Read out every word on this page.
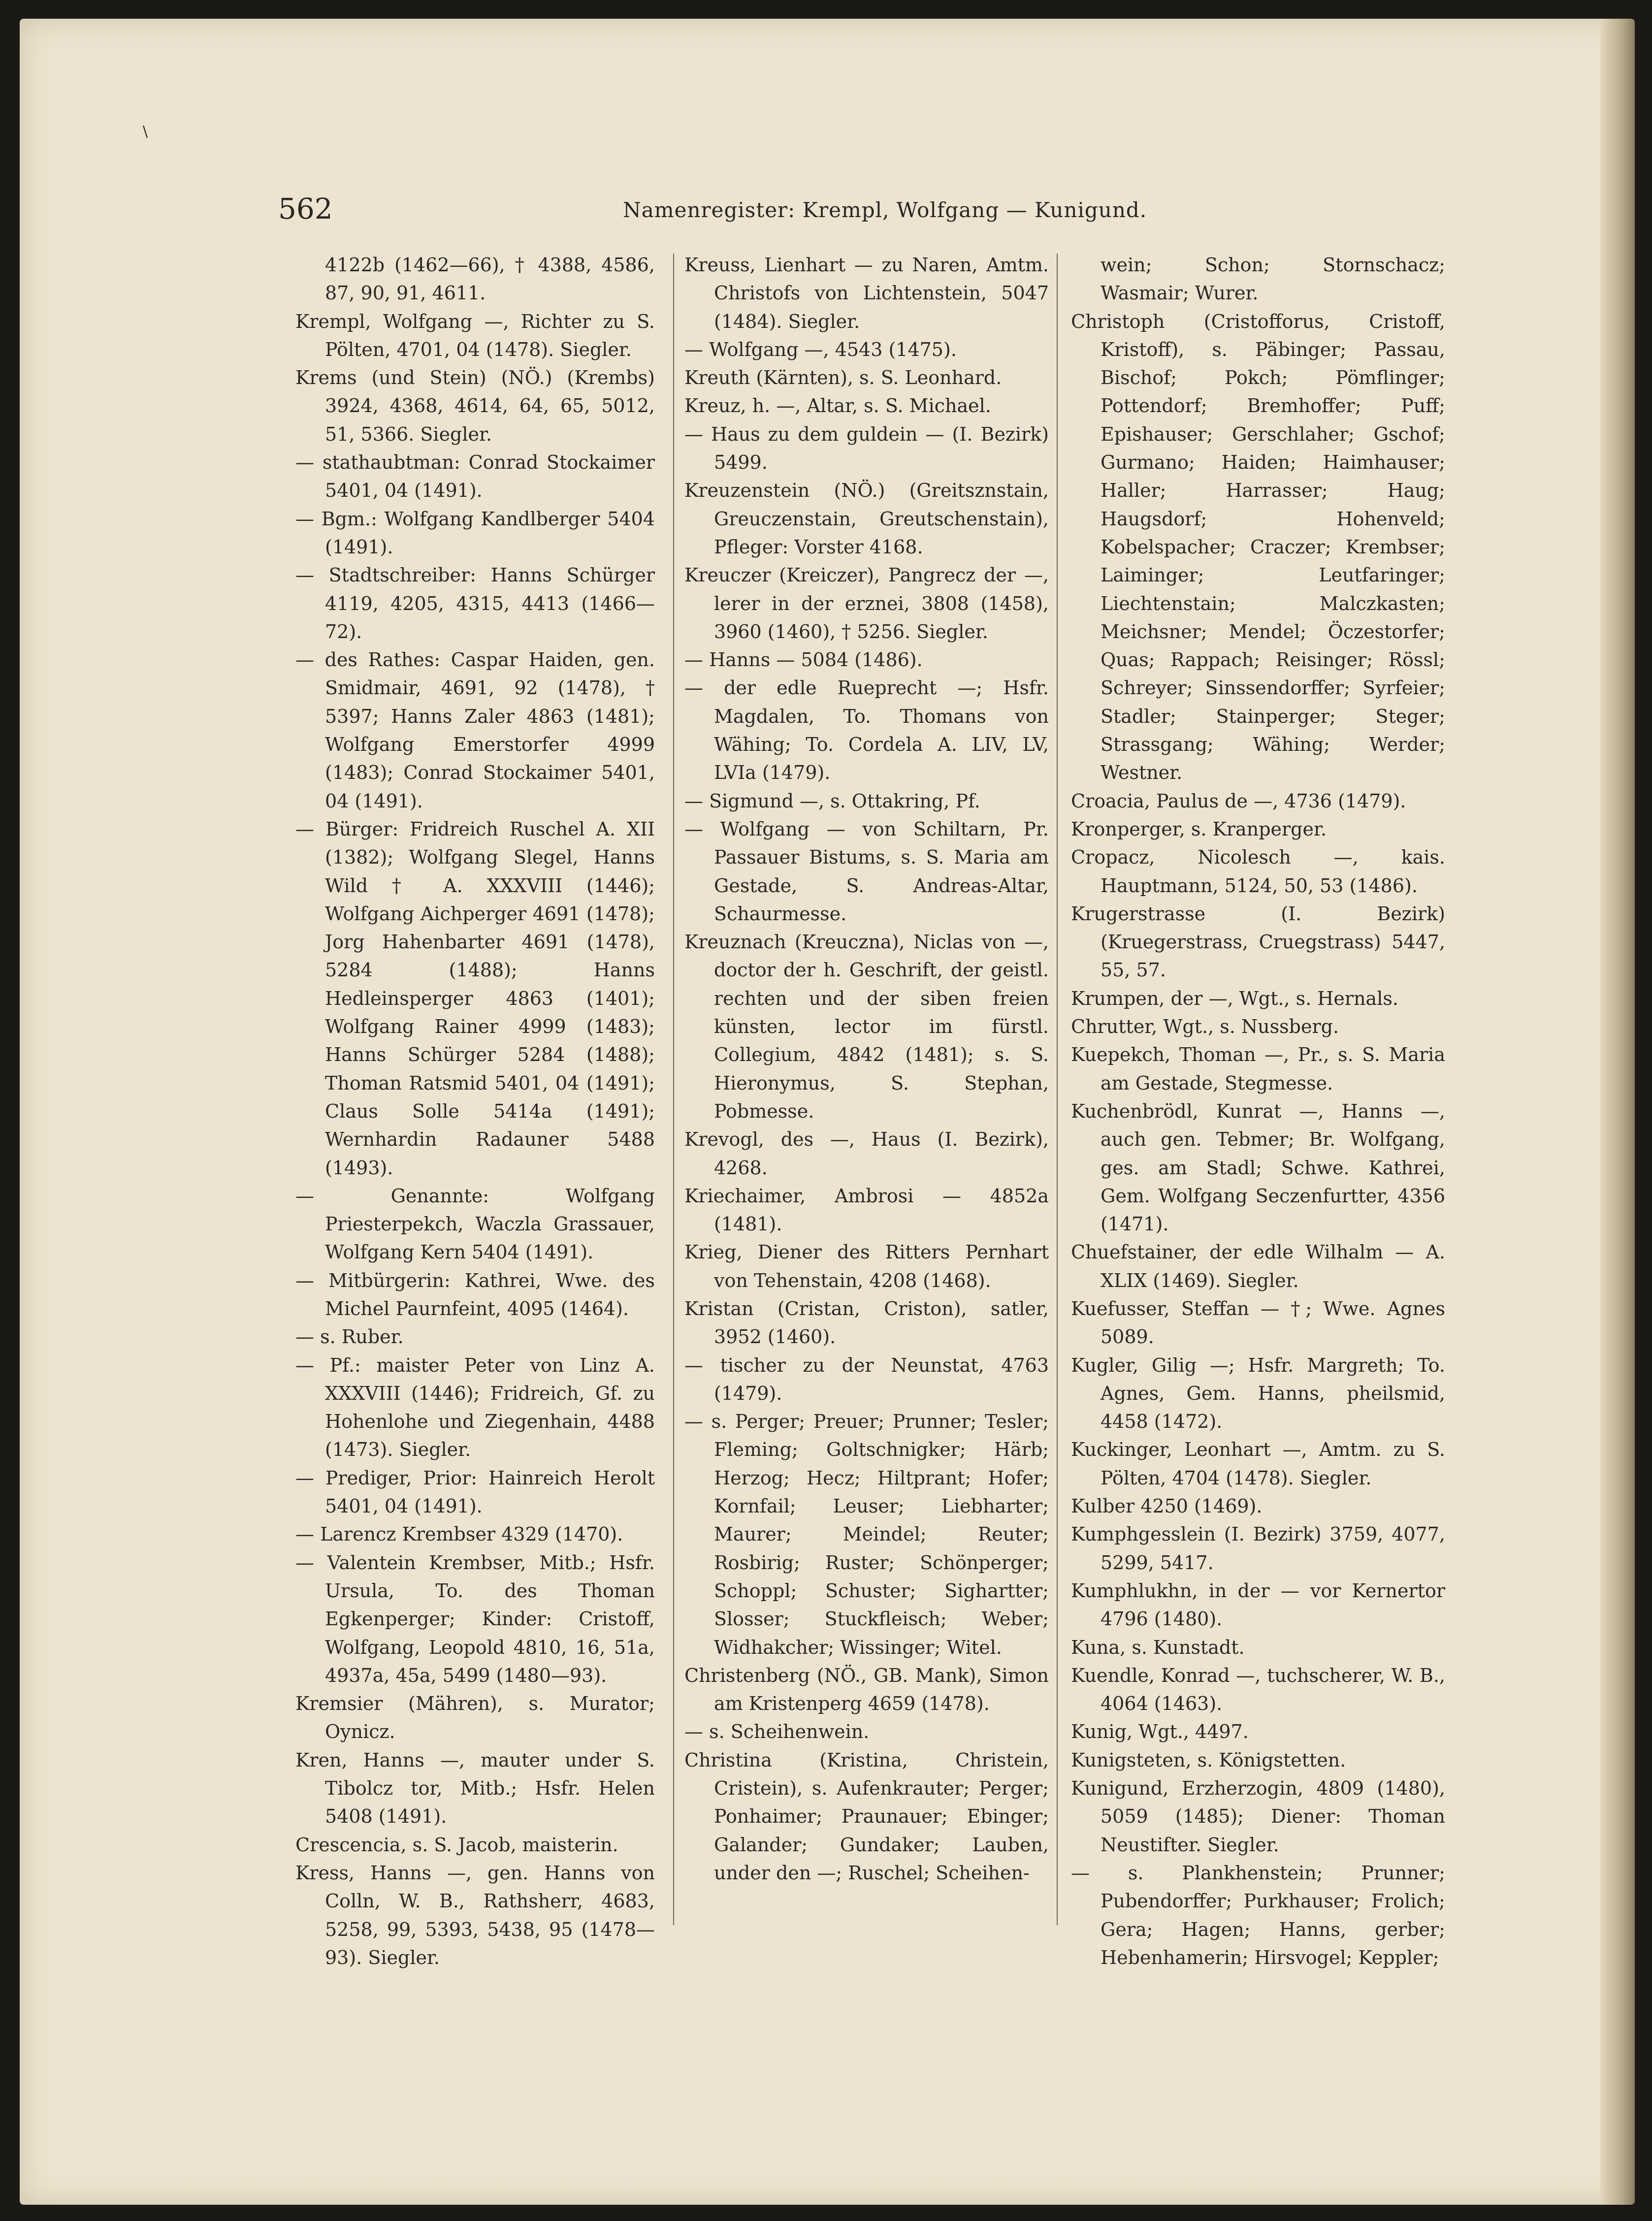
562	Namenregister: Krempl, Wolfgang — Kunigund.

4122b (1462—66), † 4388, 4586, 87, 90, 91, 4611.

Krempl, Wolfgang —, Richter zu S. Pölten, 4701, 04 (1478). Siegler.

Krems (und Stein) (NÖ.) (Krembs) 3924, 4368, 4614, 64, 65, 5012, 51, 5366. Siegler.

— stathaubtman: Conrad Stockaimer 5401, 04 (1491).

— Bgm.: Wolfgang Kandlberger 5404 (1491).

— Stadtschreiber: Hanns Schürger 4119, 4205, 4315, 4413 (1466—72).

— des Rathes: Caspar Haiden, gen. Smidmair, 4691, 92 (1478), † 5397; Hanns Zaler 4863 (1481); Wolfgang Emerstorfer 4999 (1483); Conrad Stockaimer 5401, 04 (1491).

— Bürger: Fridreich Ruschel A. XII (1382); Wolfgang Slegel, Hanns Wild † A. XXXVIII (1446); Wolfgang Aichperger 4691 (1478); Jorg Hahenbarter 4691 (1478), 5284 (1488); Hanns Hedleinsperger 4863 (1401); Wolfgang Rainer 4999 (1483); Hanns Schürger 5284 (1488); Thoman Ratsmid 5401, 04 (1491); Claus Solle 5414a (1491); Wernhardin Radauner 5488 (1493).

— Genannte: Wolfgang Priesterpekch, Waczla Grassauer, Wolfgang Kern 5404 (1491).

— Mitbürgerin: Kathrei, Wwe. des Michel Paurnfeint, 4095 (1464).

— s. Ruber.

— Pf.: maister Peter von Linz A. XXXVIII (1446); Fridreich, Gf. zu Hohenlohe und Ziegenhain, 4488 (1473). Siegler.

— Prediger, Prior: Hainreich Herolt 5401, 04 (1491).

— Larencz Krembser 4329 (1470).

— Valentein Krembser, Mitb.; Hsfr. Ursula, To. des Thoman Egkenperger; Kinder: Cristoff, Wolfgang, Leopold 4810, 16, 51a, 4937a, 45a, 5499 (1480—93).

Kremsier (Mähren), s. Murator; Oynicz.

Kren, Hanns —, mauter under S. Tibolcz tor, Mitb.; Hsfr. Helen 5408 (1491).

Crescencia, s. S. Jacob, maisterin.

Kress, Hanns —, gen. Hanns von Colln, W. B., Rathsherr, 4683, 5258, 99, 5393, 5438, 95 (1478—93). Siegler.

Kreuss, Lienhart — zu Naren, Amtm. Christofs von Lichtenstein, 5047 (1484). Siegler.

— Wolfgang —, 4543 (1475).

Kreuth (Kärnten), s. S. Leonhard.

Kreuz, h. —, Altar, s. S. Michael.

— Haus zu dem guldein — (I. Bezirk) 5499.

Kreuzenstein (NÖ.) (Greitsznstain, Greuczenstain, Greutschenstain), Pfleger: Vorster 4168.

Kreuczer (Kreiczer), Pangrecz der —, lerer in der erznei, 3808 (1458), 3960 (1460), † 5256. Siegler.

— Hanns — 5084 (1486).

— der edle Rueprecht —; Hsfr. Magdalen, To. Thomans von Wähing; To. Cordela A. LIV, LV, LVIa (1479).

— Sigmund —, s. Ottakring, Pf.

— Wolfgang — von Schiltarn, Pr. Passauer Bistums, s. S. Maria am Gestade, S. Andreas-Altar, Schaurmesse.

Kreuznach (Kreuczna), Niclas von —, doctor der h. Geschrift, der geistl. rechten und der siben freien künsten, lector im fürstl. Collegium, 4842 (1481); s. S. Hieronymus, S. Stephan, Pobmesse.

Krevogl, des —, Haus (I. Bezirk), 4268.

Kriechaimer, Ambrosi — 4852a (1481).

Krieg, Diener des Ritters Pernhart von Tehenstain, 4208 (1468).

Kristan (Cristan, Criston), satler, 3952 (1460).

— tischer zu der Neunstat, 4763 (1479).

— s. Perger; Preuer; Prunner; Tesler; Fleming; Goltschnigker; Härb; Herzog; Hecz; Hiltprant; Hofer; Kornfail; Leuser; Liebharter; Maurer; Meindel; Reuter; Rosbirig; Ruster; Schönperger; Schoppl; Schuster; Sighartter; Slosser; Stuckfleisch; Weber; Widhakcher; Wissinger; Witel.

Christenberg (NÖ., GB. Mank), Simon am Kristenperg 4659 (1478).

— s. Scheihenwein.

Christina (Kristina, Christein, Cristein), s. Aufenkrauter; Perger; Ponhaimer; Praunauer; Ebinger; Galander; Gundaker; Lauben, under den —; Ruschel; Scheihen-

wein; Schon; Stornschacz; Wasmair; Wurer.

Christoph (Cristofforus, Cristoff, Kristoff), s. Päbinger; Passau, Bischof; Pokch; Pömflinger; Pottendorf; Bremhoffer; Puff; Epishauser; Gerschlaher; Gschof; Gurmano; Haiden; Haimhauser; Haller; Harrasser; Haug; Haugsdorf; Hohenveld; Kobelspacher; Craczer; Krembser; Laiminger; Leutfaringer; Liechtenstain; Malczkasten; Meichsner; Mendel; Öczestorfer; Quas; Rappach; Reisinger; Rössl; Schreyer; Sinssendorffer; Syrfeier; Stadler; Stainperger; Steger; Strassgang; Wähing; Werder; Westner.

Croacia, Paulus de —, 4736 (1479).

Kronperger, s. Kranperger.

Cropacz, Nicolesch —, kais. Hauptmann, 5124, 50, 53 (1486).

Krugerstrasse (I. Bezirk) (Kruegerstrass, Cruegstrass) 5447, 55, 57.

Krumpen, der —, Wgt., s. Hernals.

Chrutter, Wgt., s. Nussberg.

Kuepekch, Thoman —, Pr., s. S. Maria am Gestade, Stegmesse.

Kuchenbrödl, Kunrat —, Hanns —, auch gen. Tebmer; Br. Wolfgang, ges. am Stadl; Schwe. Kathrei, Gem. Wolfgang Seczenfurtter, 4356 (1471).

Chuefstainer, der edle Wilhalm — A. XLIX (1469). Siegler.

Kuefusser, Steffan — †; Wwe. Agnes 5089.

Kugler, Gilig —; Hsfr. Margreth; To. Agnes, Gem. Hanns, pheilsmid, 4458 (1472).

Kuckinger, Leonhart —, Amtm. zu S. Pölten, 4704 (1478). Siegler.

Kulber 4250 (1469).

Kumphgesslein (I. Bezirk) 3759, 4077, 5299, 5417.

Kumphlukhn, in der — vor Kernertor 4796 (1480).

Kuna, s. Kunstadt.

Kuendle, Konrad —, tuchscherer, W. B., 4064 (1463).

Kunig, Wgt., 4497.

Kunigsteten, s. Königstetten.

Kunigund, Erzherzogin, 4809 (1480), 5059 (1485); Diener: Thoman Neustifter. Siegler.

— s. Plankhenstein; Prunner; Pubendorffer; Purkhauser; Frolich; Gera; Hagen; Hanns, gerber; Hebenhamerin; Hirsvogel; Keppler;

\
